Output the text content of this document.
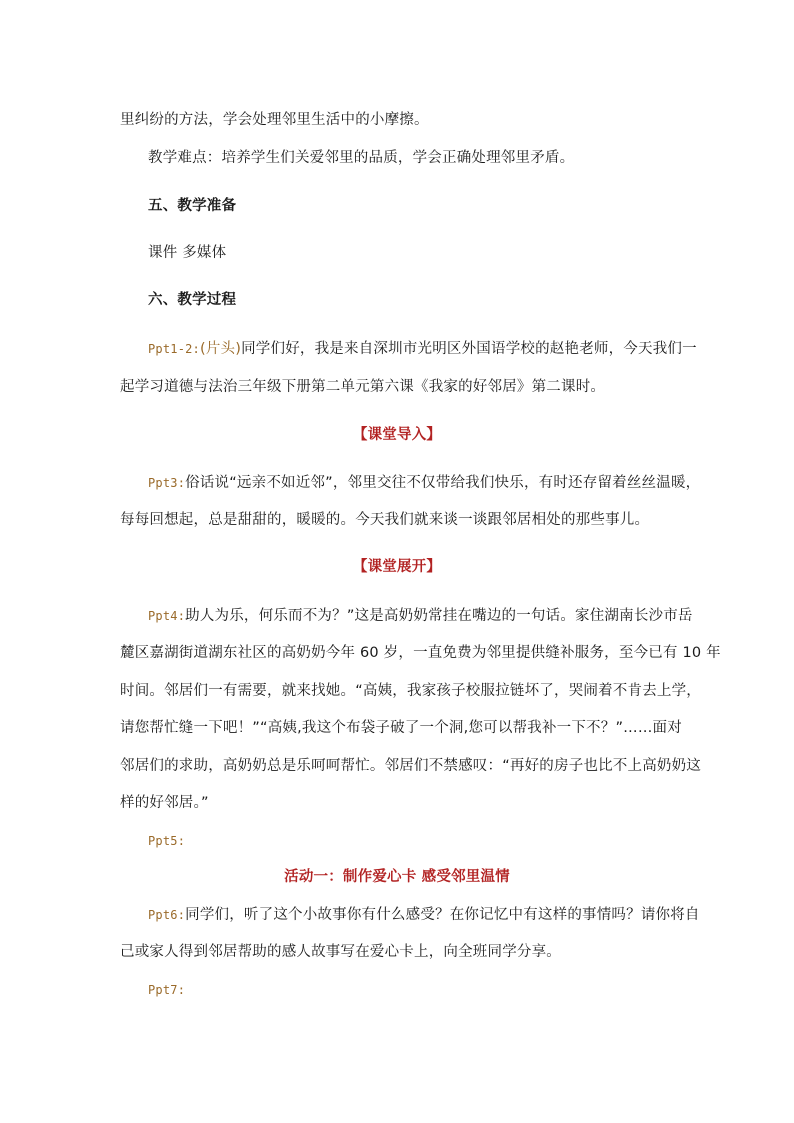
里纠纷的方法，学会处理邻里生活中的小摩擦。
教学难点：培养学生们关爱邻里的品质，学会正确处理邻里矛盾。
五、教学准备
课件 多媒体
六、教学过程
Ppt1-2:(片头)同学们好，我是来自深圳市光明区外国语学校的赵艳老师，今天我们一
起学习道德与法治三年级下册第二单元第六课《我家的好邻居》第二课时。
【课堂导入】
Ppt3:俗话说“远亲不如近邻”，邻里交往不仅带给我们快乐，有时还存留着丝丝温暖，
每每回想起，总是甜甜的，暖暖的。今天我们就来谈一谈跟邻居相处的那些事儿。
【课堂展开】
Ppt4:助人为乐，何乐而不为？”这是高奶奶常挂在嘴边的一句话。家住湖南长沙市岳
麓区嘉湖街道湖东社区的高奶奶今年 60 岁，一直免费为邻里提供缝补服务，至今已有 10 年
时间。邻居们一有需要，就来找她。“高姨，我家孩子校服拉链坏了，哭闹着不肯去上学，
请您帮忙缝一下吧！”“高姨,我这个布袋子破了一个洞,您可以帮我补一下不？”……面对
邻居们的求助，高奶奶总是乐呵呵帮忙。邻居们不禁感叹：“再好的房子也比不上高奶奶这
样的好邻居。”
Ppt5:
活动一：制作爱心卡 感受邻里温情
Ppt6:同学们，听了这个小故事你有什么感受？在你记忆中有这样的事情吗？请你将自
己或家人得到邻居帮助的感人故事写在爱心卡上，向全班同学分享。
Ppt7:
